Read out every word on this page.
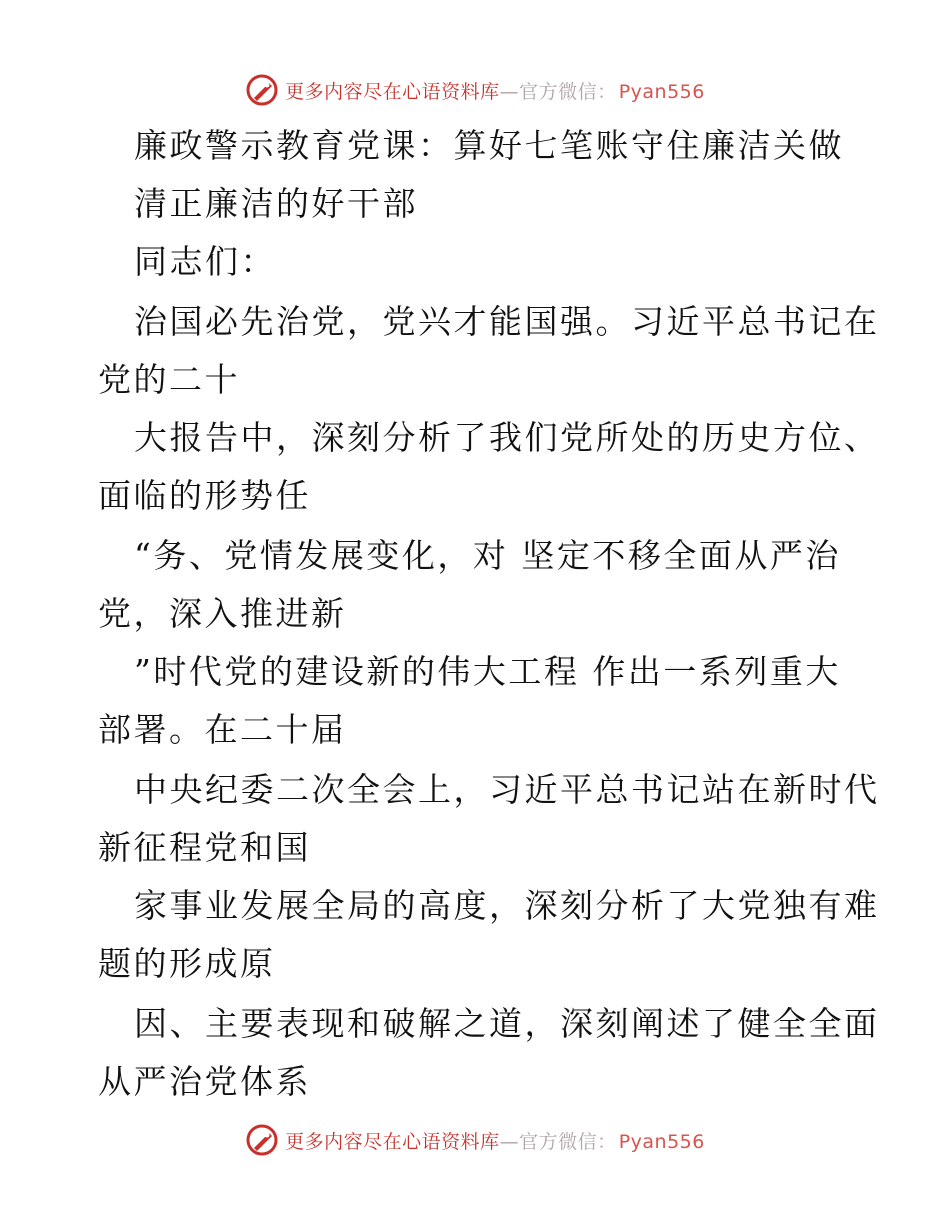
更多内容尽在心语资料库—官方微信： Pyan556
廉政警示教育党课：算好七笔账守住廉洁关做
清正廉洁的好干部
同志们：
治国必先治党，党兴才能国强。习近平总书记在
党的二十
大报告中，深刻分析了我们党所处的历史方位、
面临的形势任
“务、党情发展变化，对 坚定不移全面从严治
党，深入推进新
”时代党的建设新的伟大工程 作出一系列重大
部署。在二十届
中央纪委二次全会上，习近平总书记站在新时代
新征程党和国
家事业发展全局的高度，深刻分析了大党独有难
题的形成原
因、主要表现和破解之道，深刻阐述了健全全面
从严治党体系
更多内容尽在心语资料库—官方微信： Pyan556
